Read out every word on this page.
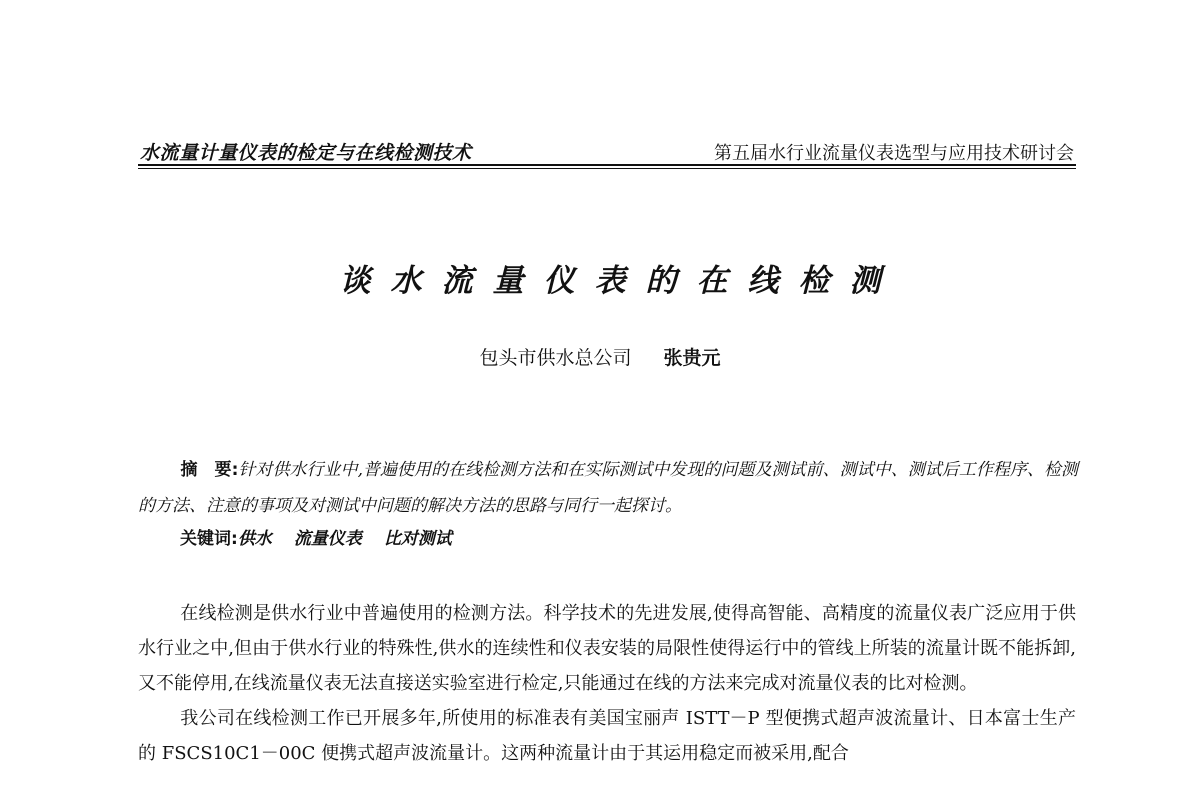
水流量计量仪表的检定与在线检测技术	第五届水行业流量仪表选型与应用技术研讨会
谈水流量仪表的在线检测
包头市供水总公司 张贵元
摘　要:针对供水行业中,普遍使用的在线检测方法和在实际测试中发现的问题及测试前、测试中、测试后工作程序、检测的方法、注意的事项及对测试中问题的解决方法的思路与同行一起探讨。
关键词:供水 流量仪表 比对测试

在线检测是供水行业中普遍使用的检测方法。科学技术的先进发展,使得高智能、高精度的流量仪表广泛应用于供水行业之中,但由于供水行业的特殊性,供水的连续性和仪表安装的局限性使得运行中的管线上所装的流量计既不能拆卸,又不能停用,在线流量仪表无法直接送实验室进行检定,只能通过在线的方法来完成对流量仪表的比对检测。

我公司在线检测工作已开展多年,所使用的标准表有美国宝丽声 ISTT－P 型便携式超声波流量计、日本富士生产的 FSCS10C1－00C 便携式超声波流量计。这两种流量计由于其运用稳定而被采用,配合
